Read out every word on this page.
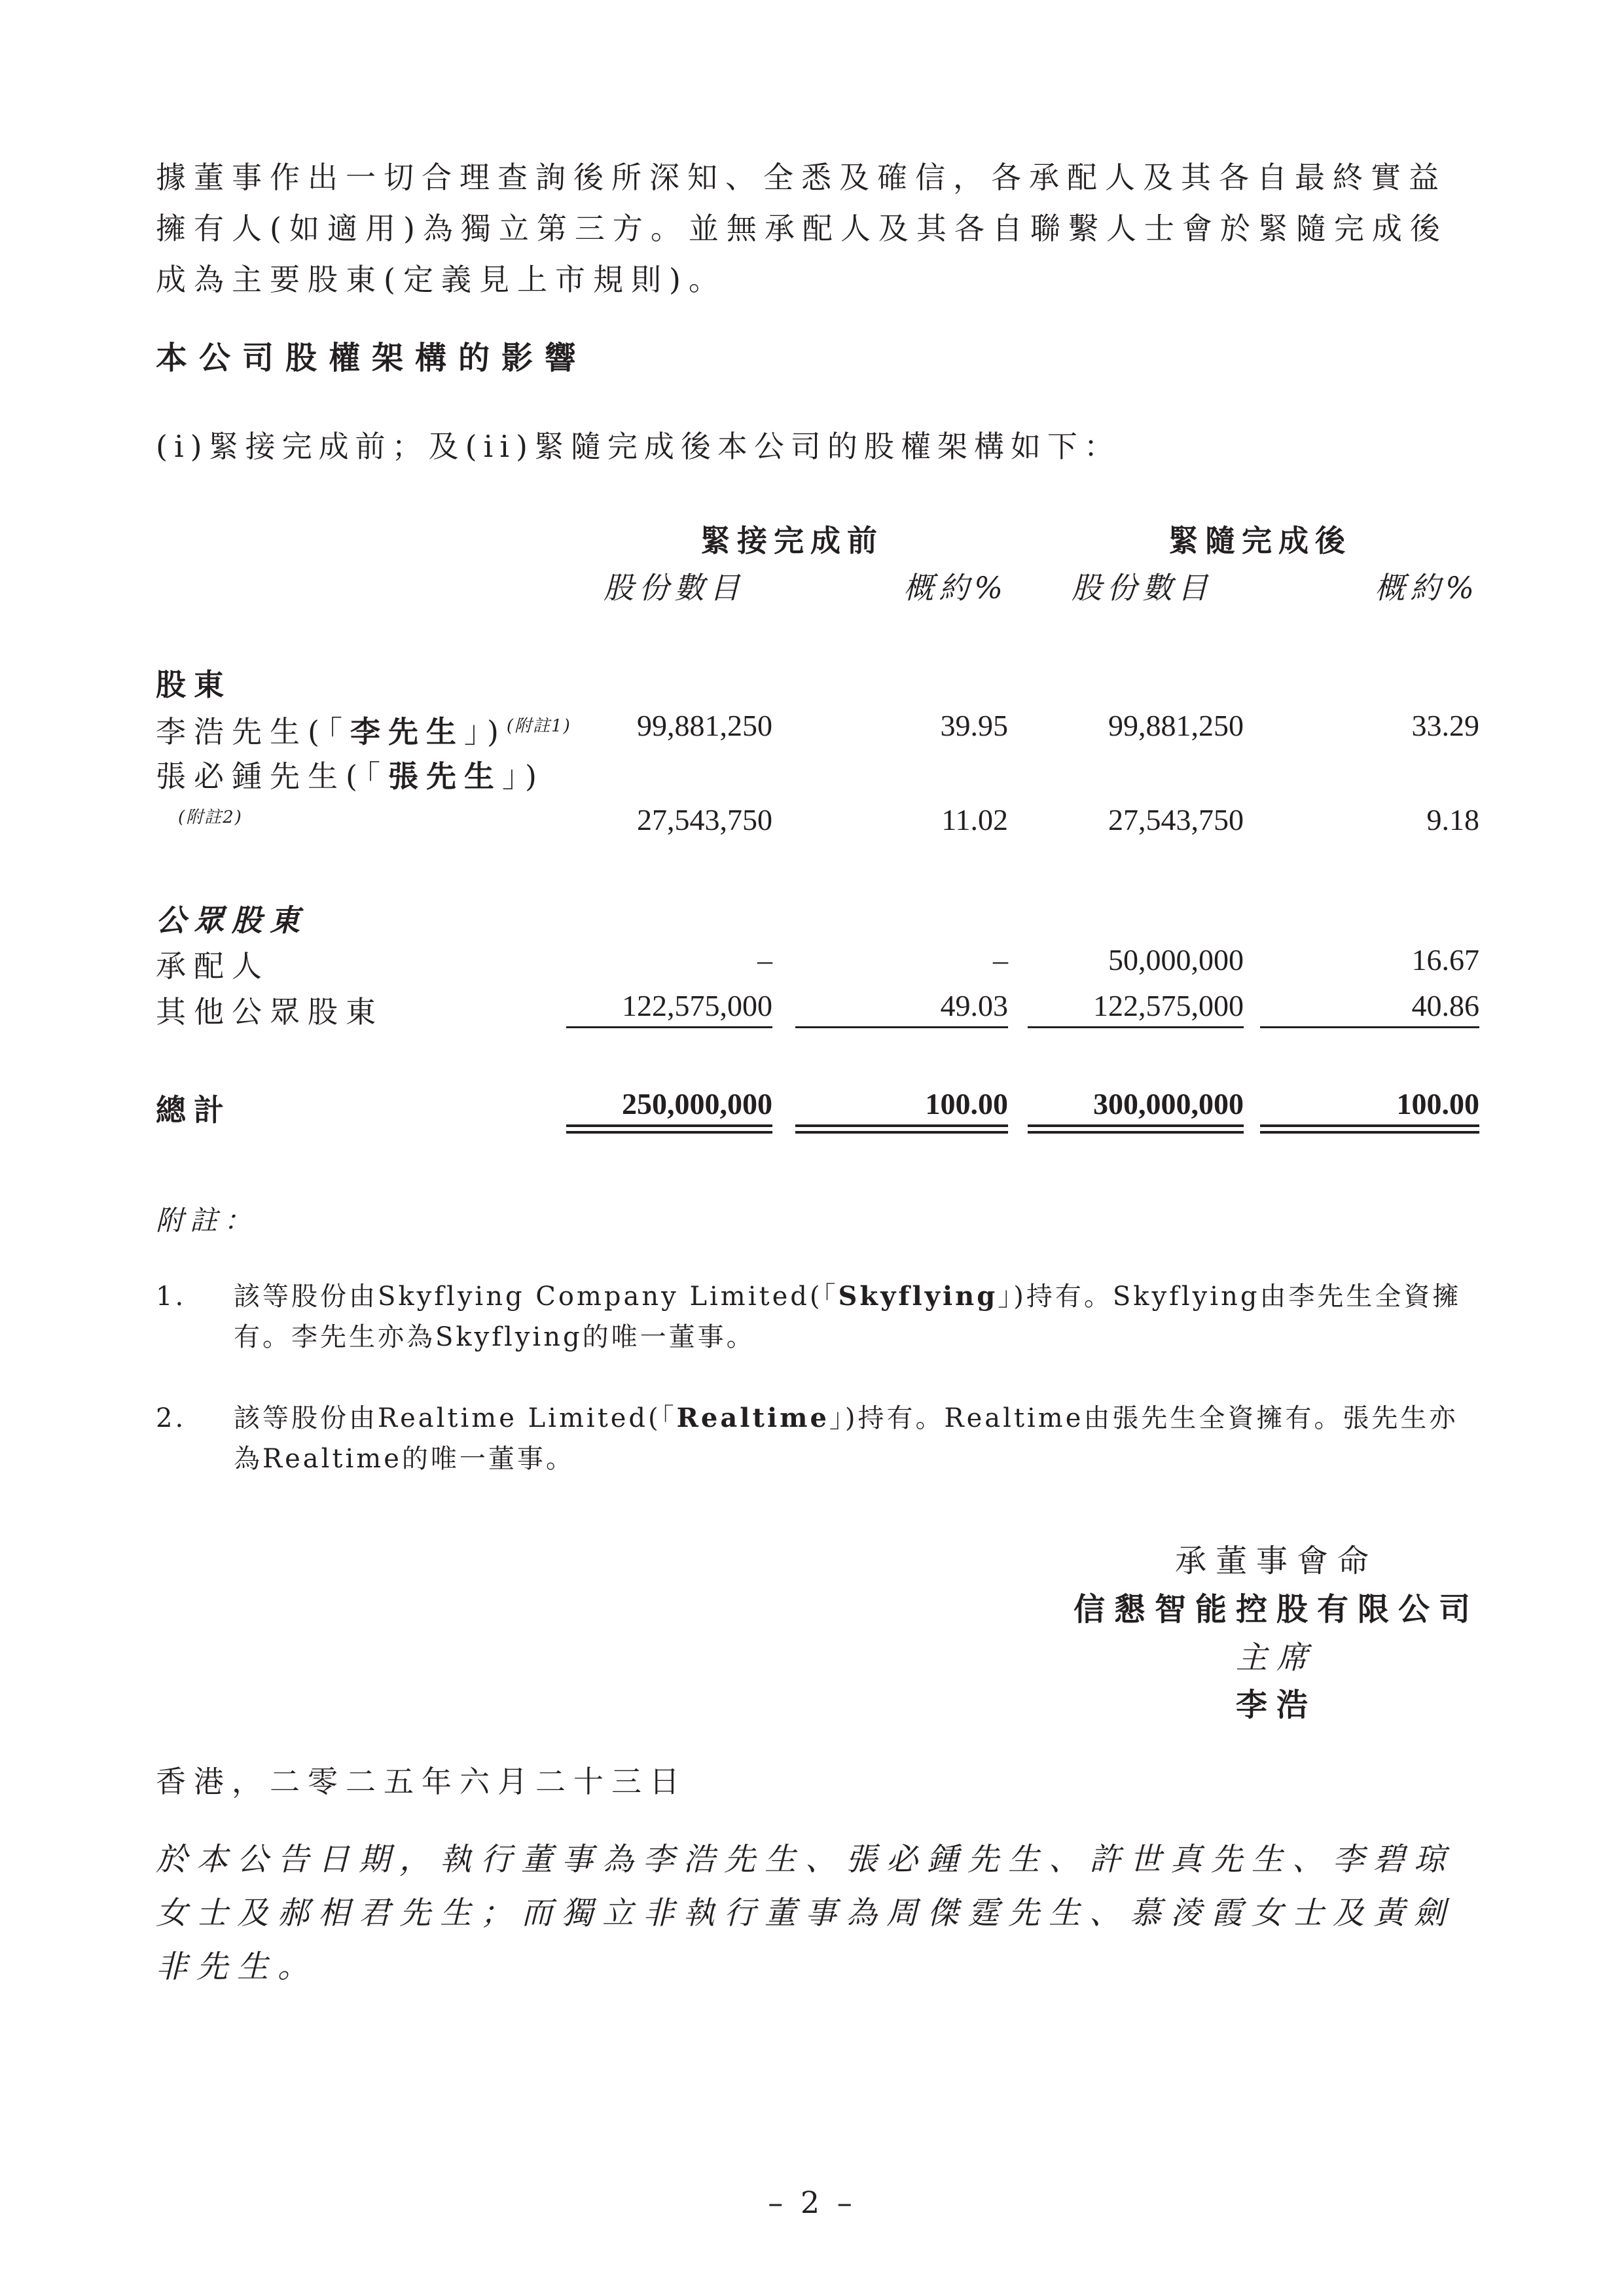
據董事作出一切合理查詢後所深知、全悉及確信，各承配人及其各自最終實益擁有人(如適用)為獨立第三方。並無承配人及其各自聯繫人士會於緊隨完成後成為主要股東(定義見上市規則)。

本公司股權架構的影響

(i)緊接完成前；及(ii)緊隨完成後本公司的股權架構如下：

緊接完成前	緊隨完成後
股份數目	概約%	股份數目	概約%
股東
李浩先生(「李先生」)$^{(附註1)}$	99,881,250	39.95	99,881,250	33.29
張必鍾先生(「張先生」)
(附註2)	27,543,750	11.02	27,543,750	9.18
公眾股東
承配人	–	–	50,000,000	16.67
其他公眾股東	122,575,000	49.03	122,575,000	40.86
總計	250,000,000	100.00	300,000,000	100.00
附註：
1. 該等股份由Skyflying Company Limited(「Skyflying」)持有。Skyflying由李先生全資擁有。李先生亦為Skyflying的唯一董事。
2. 該等股份由Realtime Limited(「Realtime」)持有。Realtime由張先生全資擁有。張先生亦為Realtime的唯一董事。
承董事會命
信懇智能控股有限公司
主席
李浩
香港，二零二五年六月二十三日

於本公告日期，執行董事為李浩先生、張必鍾先生、許世真先生、李碧琼女士及郝相君先生；而獨立非執行董事為周傑霆先生、慕淩霞女士及黃劍非先生。

– 2 –
